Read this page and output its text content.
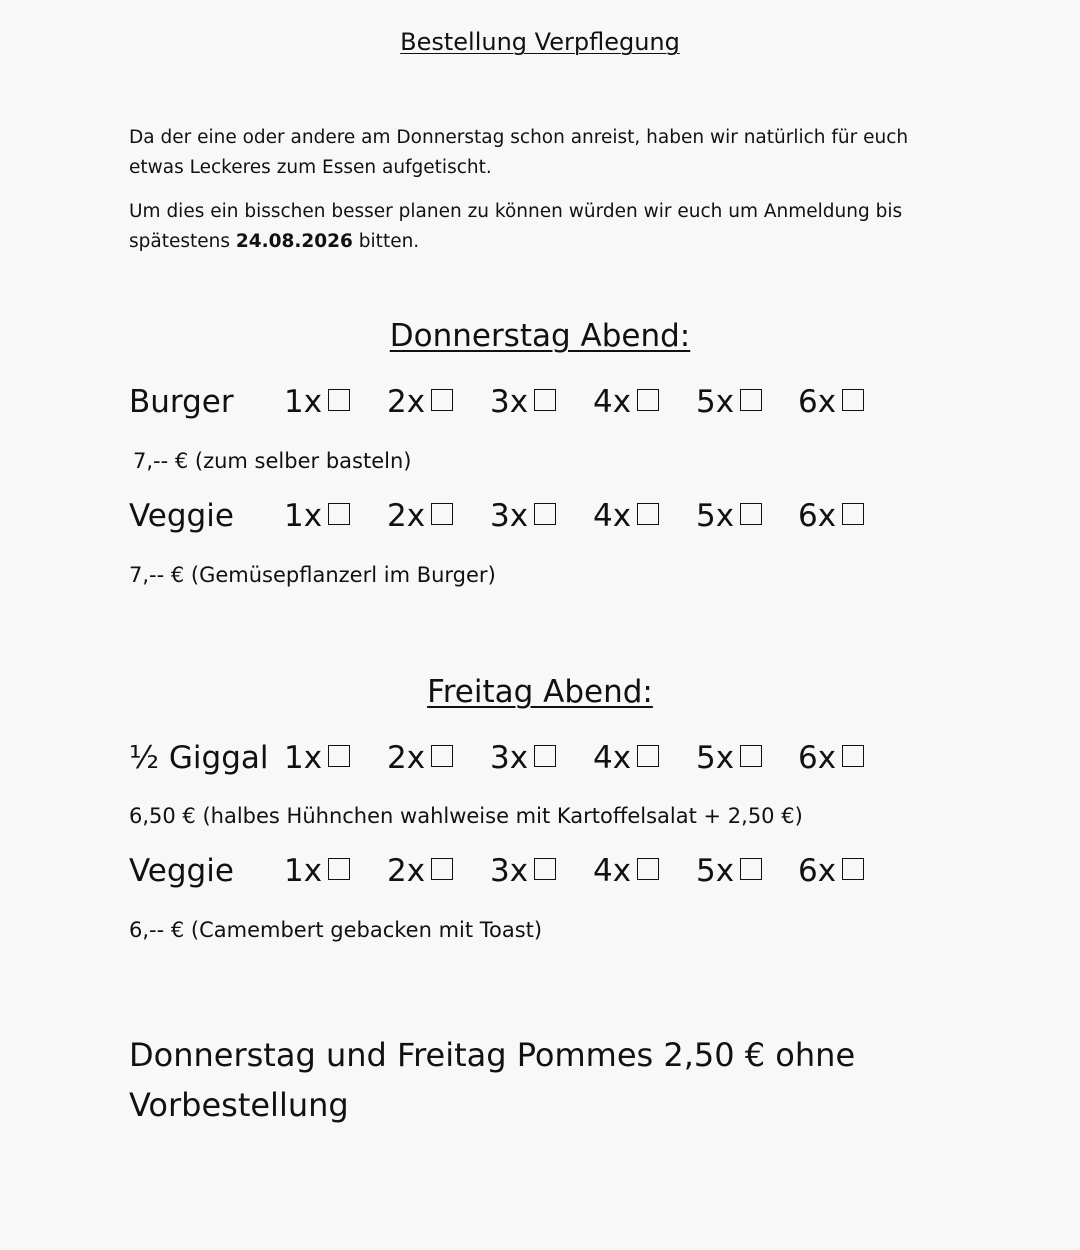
Bestellung Verpflegung
Da der eine oder andere am Donnerstag schon anreist, haben wir natürlich für euch etwas Leckeres zum Essen aufgetischt.
Um dies ein bisschen besser planen zu können würden wir euch um Anmeldung bis spätestens 24.08.2026 bitten.
Donnerstag Abend:
Burger 1x	2x	3x	4x	5x	6x
7,-- € (zum selber basteln)
Veggie 1x	2x	3x	4x	5x	6x
7,-- € (Gemüsepflanzerl im Burger)
Freitag Abend:
½ Giggal 1x	2x	3x	4x	5x	6x
6,50 € (halbes Hühnchen wahlweise mit Kartoffelsalat + 2,50 €)
Veggie 1x	2x	3x	4x	5x	6x
6,-- € (Camembert gebacken mit Toast)
Donnerstag und Freitag Pommes 2,50 € ohne Vorbestellung
